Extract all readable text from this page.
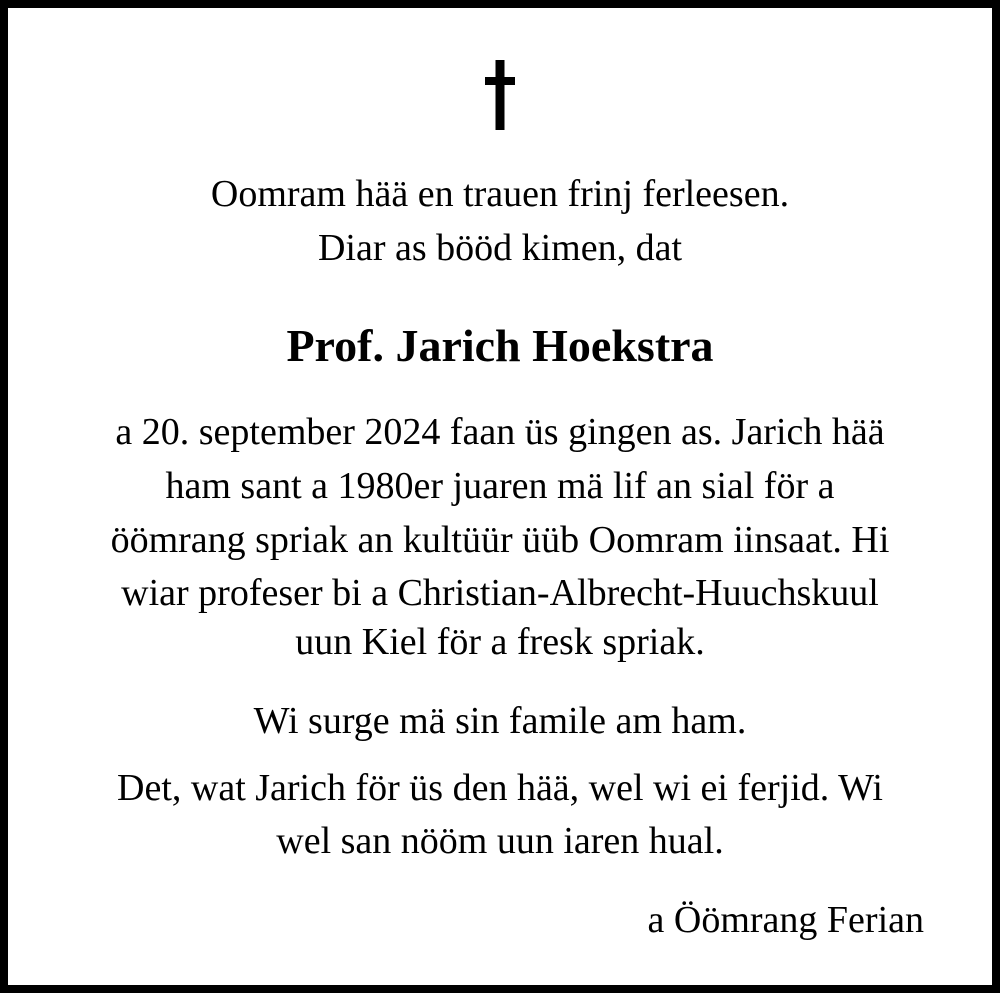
Oomram hää en trauen frinj ferleesen.
Diar as bööd kimen, dat
Prof. Jarich Hoekstra
a 20. september 2024 faan üs gingen as. Jarich hää
ham sant a 1980er juaren mä lif an sial för a
öömrang spriak an kultüür üüb Oomram iinsaat. Hi
wiar profeser bi a Christian-Albrecht-Huuchskuul
uun Kiel för a fresk spriak.
Wi surge mä sin famile am ham.
Det, wat Jarich för üs den hää, wel wi ei ferjid. Wi
wel san nööm uun iaren hual.
a Öömrang Ferian
